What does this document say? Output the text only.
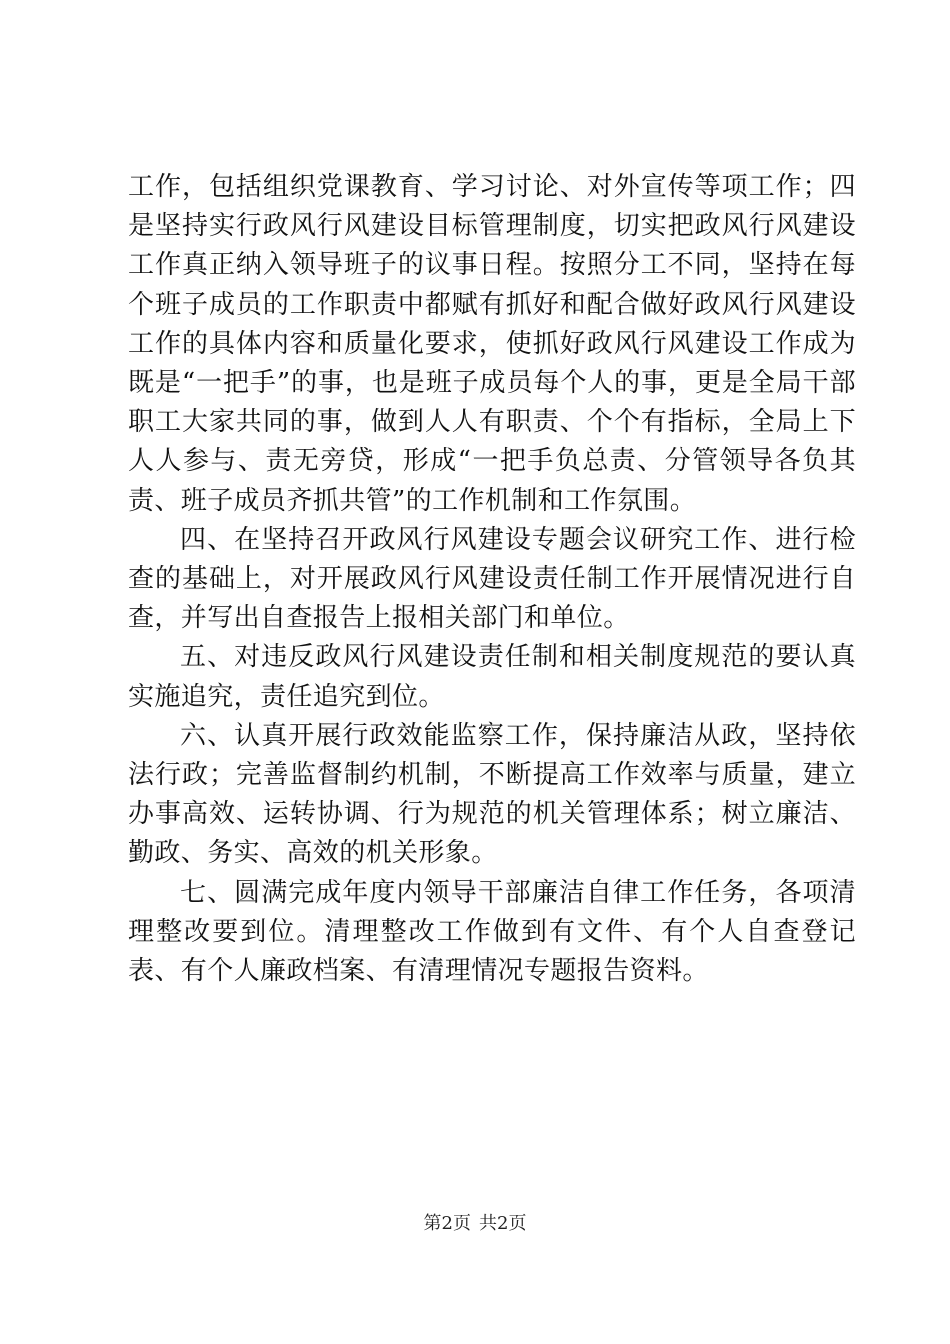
工作，包括组织党课教育、学习讨论、对外宣传等项工作；四是坚持实行政风行风建设目标管理制度，切实把政风行风建设工作真正纳入领导班子的议事日程。按照分工不同，坚持在每个班子成员的工作职责中都赋有抓好和配合做好政风行风建设工作的具体内容和质量化要求，使抓好政风行风建设工作成为既是“一把手”的事，也是班子成员每个人的事，更是全局干部职工大家共同的事，做到人人有职责、个个有指标，全局上下人人参与、责无旁贷，形成“一把手负总责、分管领导各负其责、班子成员齐抓共管”的工作机制和工作氛围。

四、在坚持召开政风行风建设专题会议研究工作、进行检查的基础上，对开展政风行风建设责任制工作开展情况进行自查，并写出自查报告上报相关部门和单位。

五、对违反政风行风建设责任制和相关制度规范的要认真实施追究，责任追究到位。

六、认真开展行政效能监察工作，保持廉洁从政，坚持依法行政；完善监督制约机制，不断提高工作效率与质量，建立办事高效、运转协调、行为规范的机关管理体系；树立廉洁、勤政、务实、高效的机关形象。

七、圆满完成年度内领导干部廉洁自律工作任务，各项清理整改要到位。清理整改工作做到有文件、有个人自查登记表、有个人廉政档案、有清理情况专题报告资料。

第2页 共2页
